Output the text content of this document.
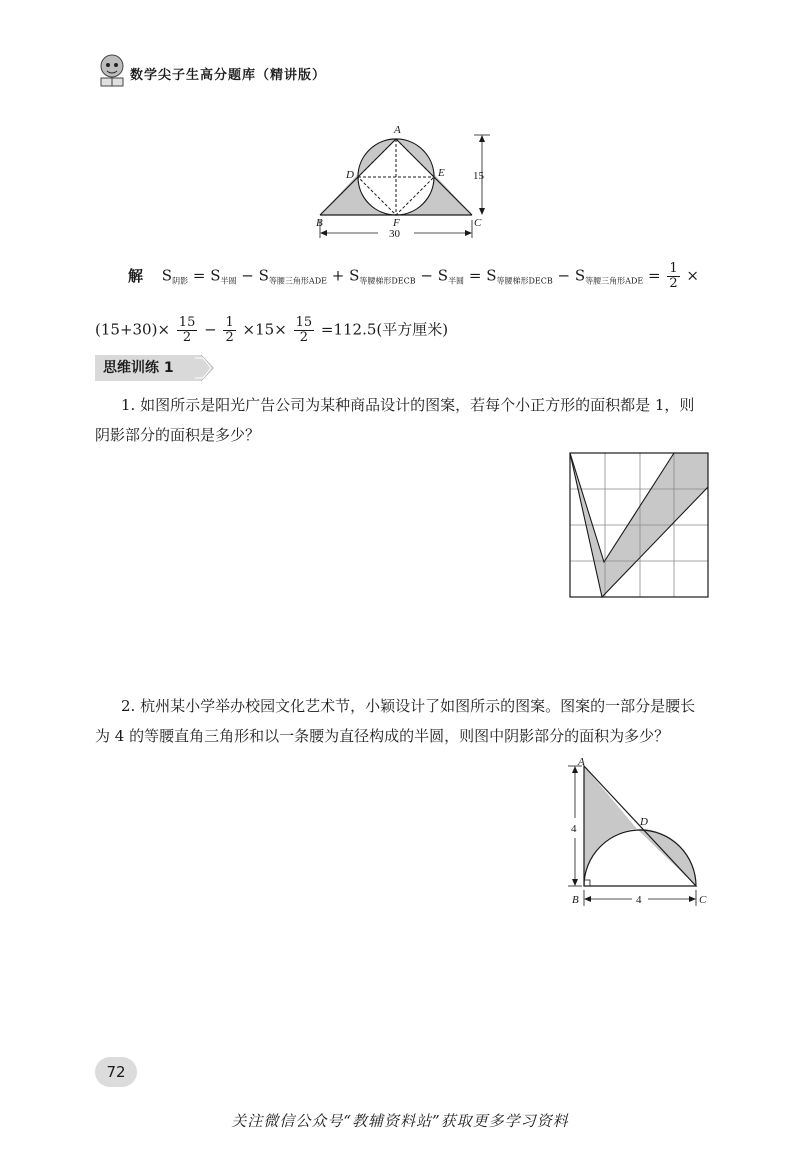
数学尖子生高分题库（精讲版）
A
D	E
B	F	C
15
30
解 $S_{阴影} = S_{半圆} - S_{等腰三角形ADE} + S_{等腰梯形DECB} - S_{半圆} = S_{等腰梯形DECB} - S_{等腰三角形ADE} = \frac{1}{2}$ ×
$(15+30)\times \frac{15}{2} - \frac{1}{2} \times 15\times \frac{15}{2} =112.5$(平方厘米)
思维训练 1
1. 如图所示是阳光广告公司为某种商品设计的图案，若每个小正方形的面积都是 1，则阴影部分的面积是多少？
2. 杭州某小学举办校园文化艺术节，小颖设计了如图所示的图案。图案的一部分是腰长为 4 的等腰直角三角形和以一条腰为直径构成的半圆，则图中阴影部分的面积为多少？
A
D
B	C
4
4
72
关注微信公众号“教辅资料站”获取更多学习资料
